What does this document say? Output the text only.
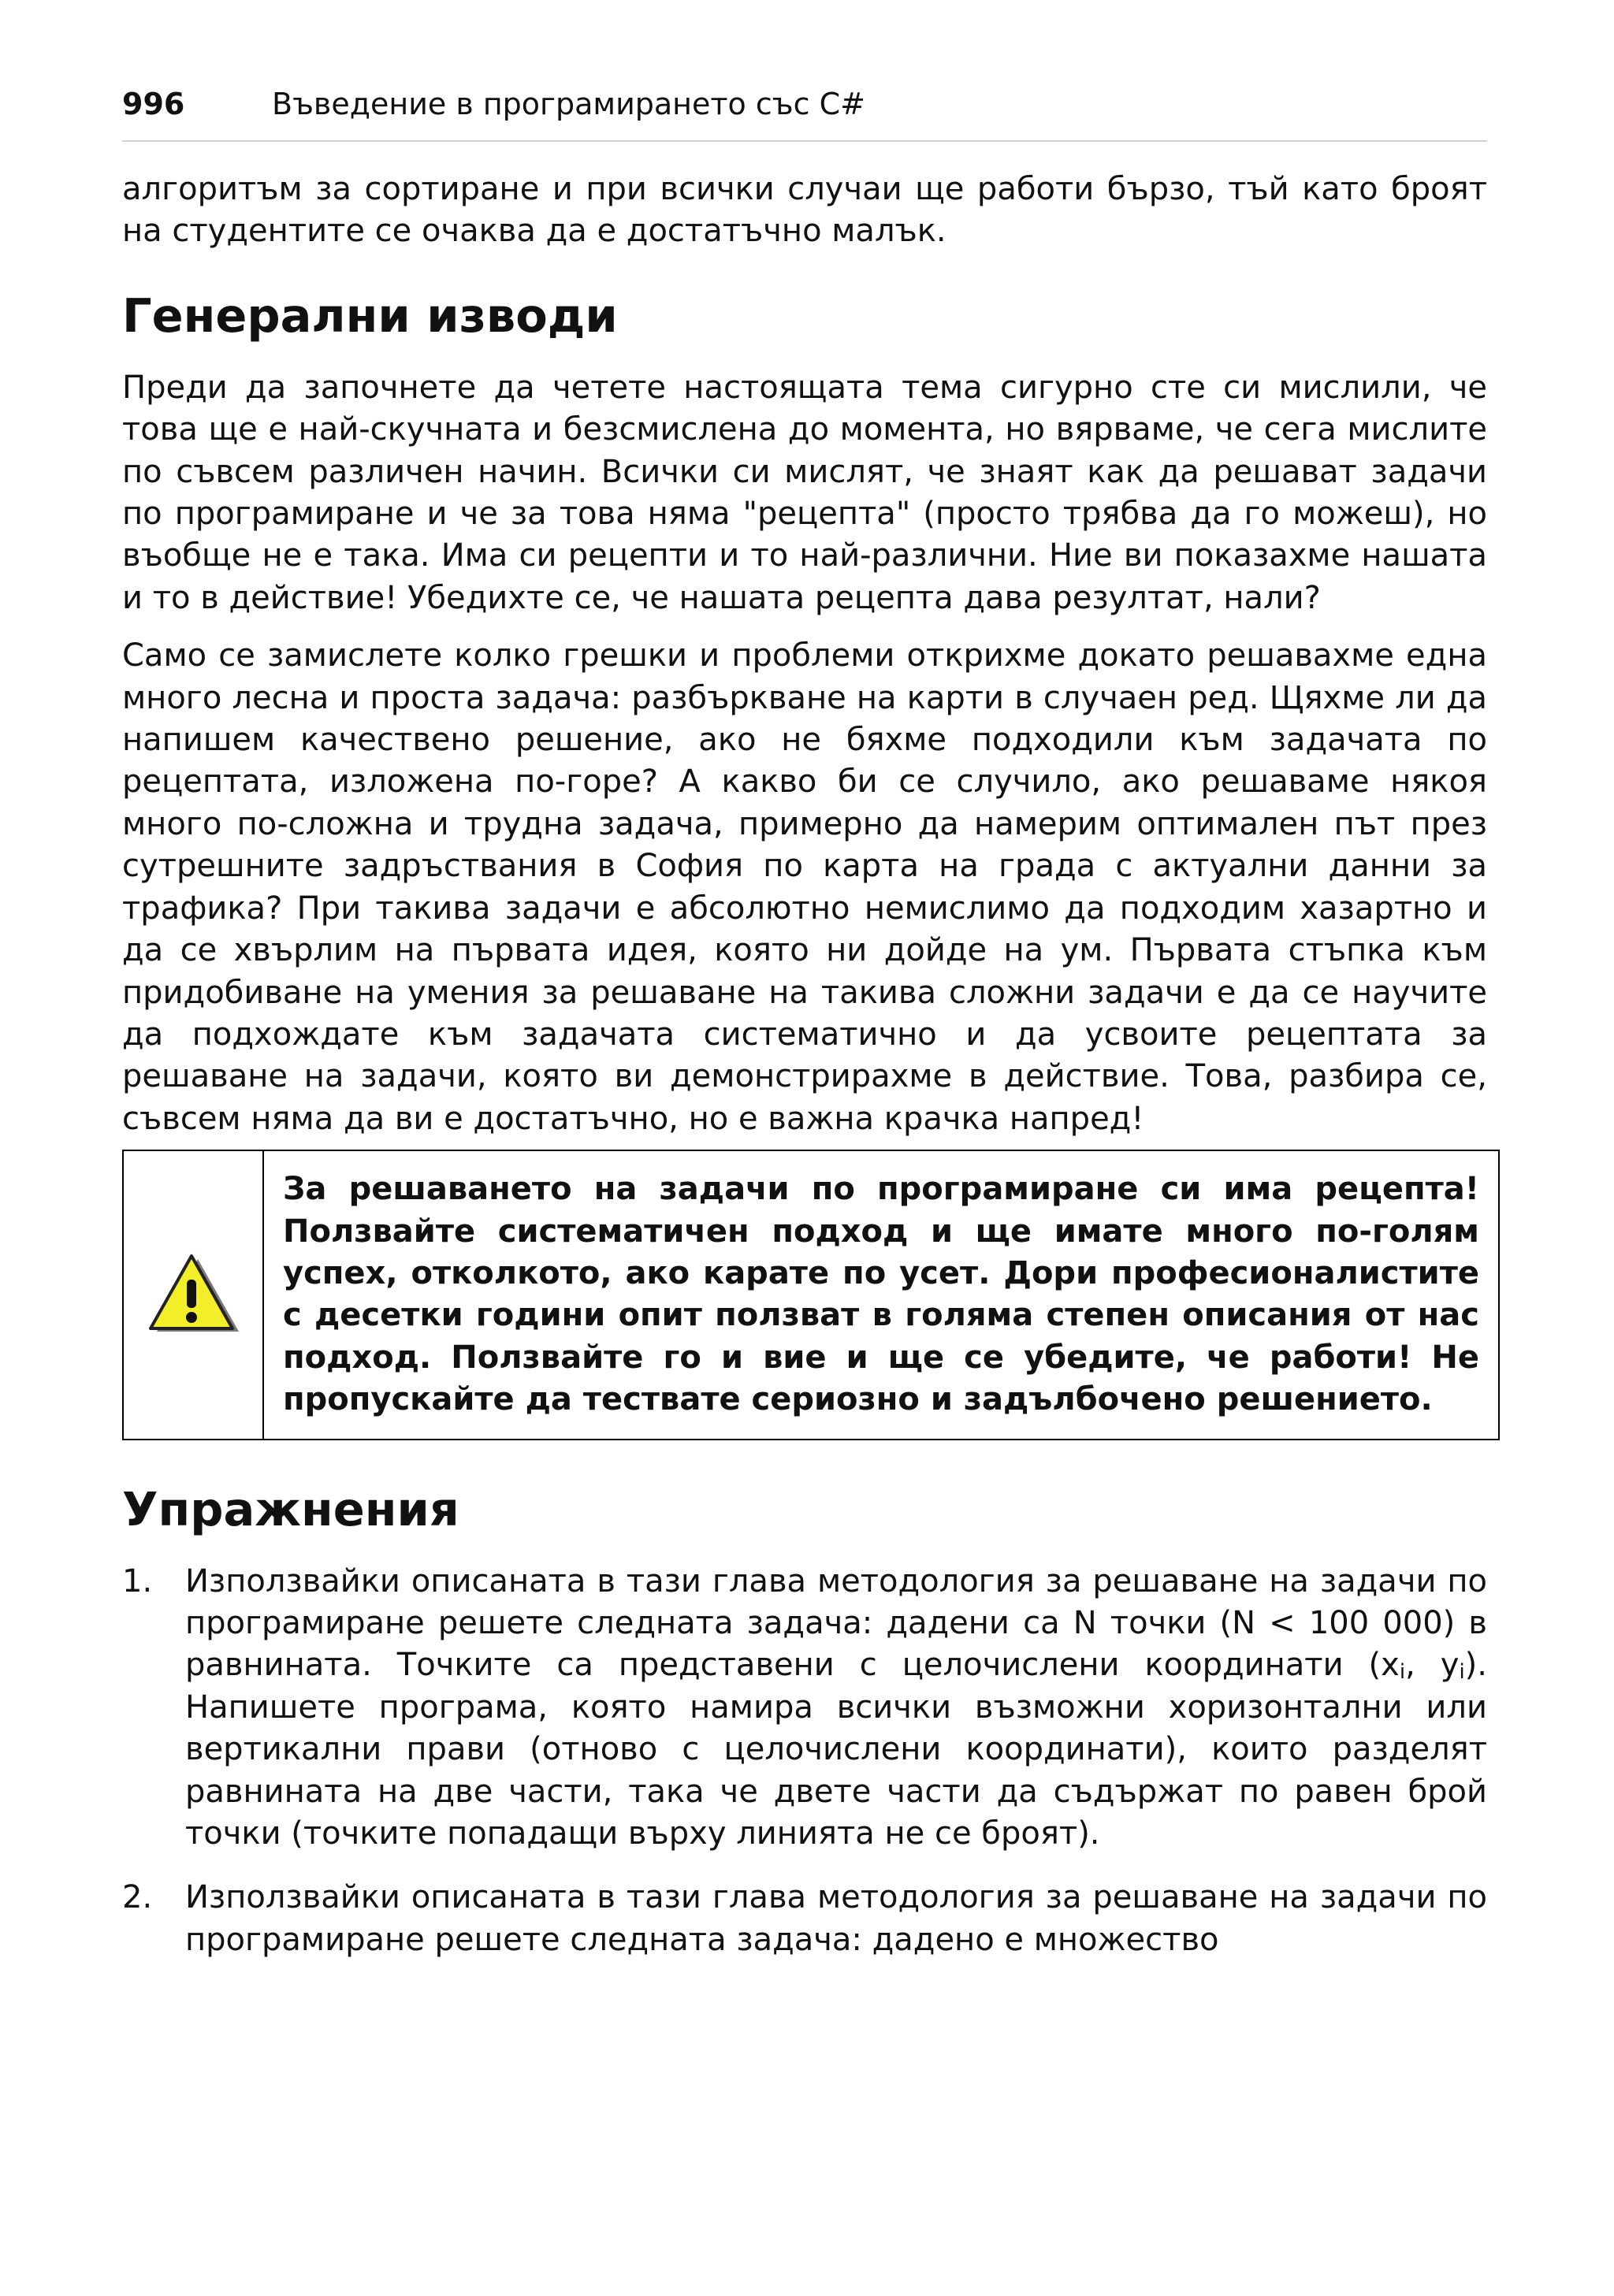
996	Въведение в програмирането със C#

алгоритъм за сортиране и при всички случаи ще работи бързо, тъй като броят на студентите се очаква да е достатъчно малък.

Генерални изводи

Преди да започнете да четете настоящата тема сигурно сте си мислили, че това ще е най-скучната и безсмислена до момента, но вярваме, че сега мислите по съвсем различен начин. Всички си мислят, че знаят как да решават задачи по програмиране и че за това няма "рецепта" (просто трябва да го можеш), но въобще не е така. Има си рецепти и то най-различни. Ние ви показахме нашата и то в действие! Убедихте се, че нашата рецепта дава резултат, нали?

Само се замислете колко грешки и проблеми открихме докато решавахме една много лесна и проста задача: разбъркване на карти в случаен ред. Щяхме ли да напишем качествено решение, ако не бяхме подходили към задачата по рецептата, изложена по-горе? А какво би се случило, ако решаваме някоя много по-сложна и трудна задача, примерно да намерим оптимален път през сутрешните задръствания в София по карта на града с актуални данни за трафика? При такива задачи е абсолютно немислимо да подходим хазартно и да се хвърлим на първата идея, която ни дойде на ум. Първата стъпка към придобиване на умения за решаване на такива сложни задачи е да се научите да подхождате към задачата систематично и да усвоите рецептата за решаване на задачи, която ви демонстрирахме в действие. Това, разбира се, съвсем няма да ви е достатъчно, но е важна крачка напред!

За решаването на задачи по програмиране си има рецепта! Ползвайте систематичен подход и ще имате много по-голям успех, отколкото, ако карате по усет. Дори професионалистите с десетки години опит ползват в голяма степен описания от нас подход. Ползвайте го и вие и ще се убедите, че работи! Не пропускайте да тествате сериозно и задълбочено решението.
Упражнения
1. Използвайки описаната в тази глава методология за решаване на задачи по програмиране решете следната задача: дадени са N точки (N < 100 000) в равнината. Точките са представени с целочислени координати ($x_i$, $y_i$). Напишете програма, която намира всички възможни хоризонтални или вертикални прави (отново с целочислени координати), които разделят равнината на две части, така че двете части да съдържат по равен брой точки (точките попадащи върху линията не се броят).
2. Използвайки описаната в тази глава методология за решаване на задачи по програмиране решете следната задача: дадено е множество
